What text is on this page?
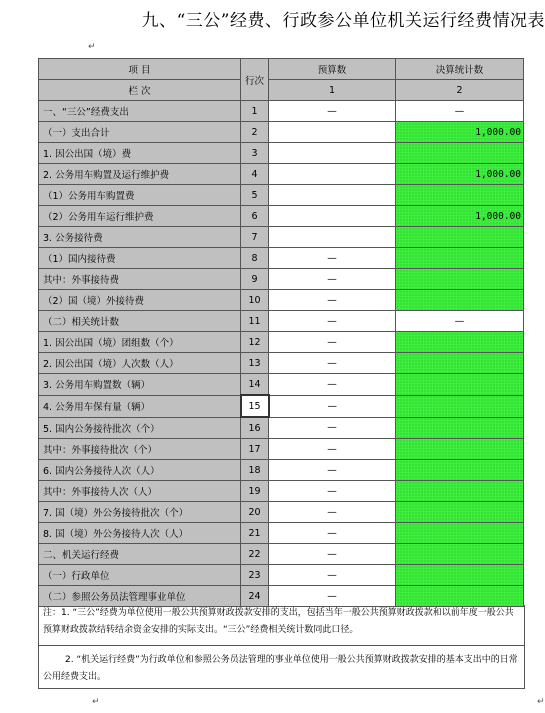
九、“三公”经费、行政参公单位机关运行经费情况表
↵
项 目	行次	预算数	决算统计数
栏 次		1	2
一、“三公”经费支出	1	—	—
（一）支出合计	2		1,000.00
1. 因公出国（境）费	3		
2. 公务用车购置及运行维护费	4		1,000.00
（1）公务用车购置费	5		
（2）公务用车运行维护费	6		1,000.00
3. 公务接待费	7		
（1）国内接待费	8	—	
其中：外事接待费	9	—	
（2）国（境）外接待费	10	—	
（二）相关统计数	11	—	—
1. 因公出国（境）团组数（个）	12	—	
2. 因公出国（境）人次数（人）	13	—	
3. 公务用车购置数（辆）	14	—	
4. 公务用车保有量（辆）	15	—	
5. 国内公务接待批次（个）	16	—	
其中：外事接待批次（个）	17	—	
6. 国内公务接待人次（人）	18	—	
其中：外事接待人次（人）	19	—	
7. 国（境）外公务接待批次（个）	20	—	
8. 国（境）外公务接待人次（人）	21	—	
二、机关运行经费	22	—	
（一）行政单位	23	—	
（二）参照公务员法管理事业单位	24	—	
注：1. “三公”经费为单位使用一般公共预算财政拨款安排的支出，包括当年一般公共预算财政拨款和以前年度一般公共预算财政拨款结转结余资金安排的实际支出。“三公”经费相关统计数同此口径。
2. “机关运行经费”为行政单位和参照公务员法管理的事业单位使用一般公共预算财政拨款安排的基本支出中的日常公用经费支出。
↵	↵
